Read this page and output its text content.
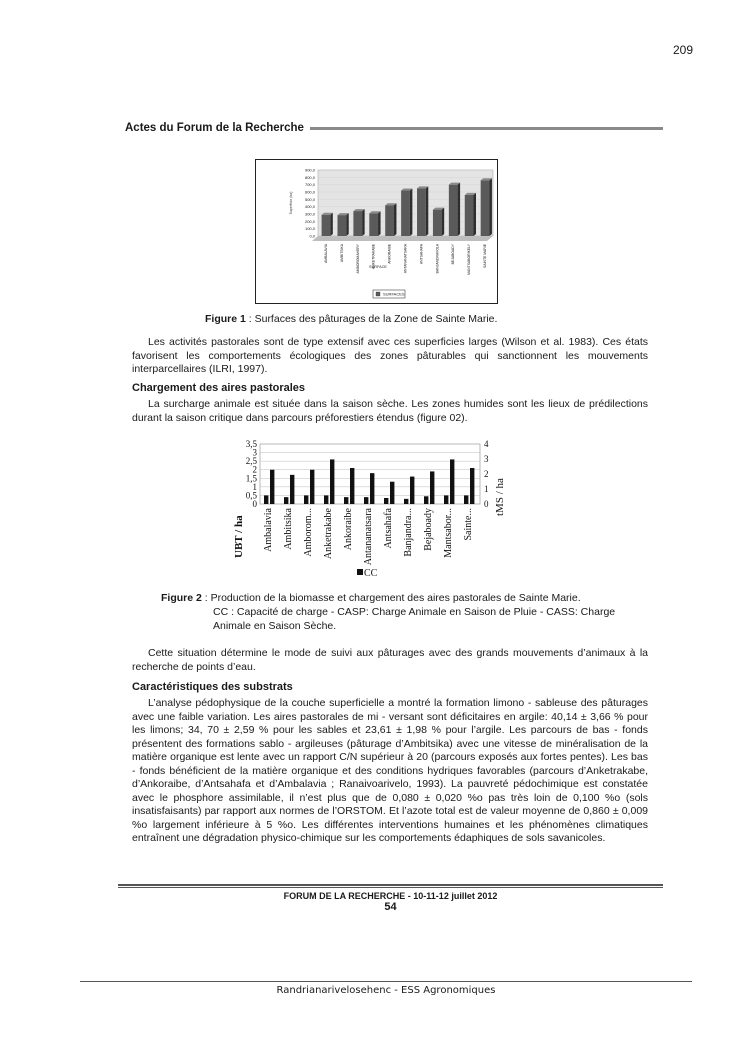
209
Actes du Forum de la Recherche
900,0
800,0
700,0
600,0
500,0
400,0
300,0
200,0
100,0
0,0
Superficie (ha)
AMBALAVIA	AMBITSIKA	AMBOROMAHERY	ANKETRAKABE	ANKORAIBE	ANTANANATSARA	ANTSAHAFA	BANJANDRAVOLA	BEJABOADY	MANTSABORIKELY	SAINTE MARIE
SURFACE
SURFACES
Figure 1 : Surfaces des pâturages de la Zone de Sainte Marie.

Les activités pastorales sont de type extensif avec ces superficies larges (Wilson et al. 1983). Ces états favorisent les comportements écologiques des zones pâturables qui sanctionnent les mouvements interparcellaires (ILRI, 1997).

Chargement des aires pastorales

La surcharge animale est située dans la saison sèche. Les zones humides sont les lieux de prédilections durant la saison critique dans parcours préforestiers étendus (figure 02).

3,5
3
2,5
2
1,5
1
0,5
0
4
3
2
1
0
Ambalavia Ambitsika Amborom... Anketrakabe Ankoraibe Antananatsara Antsahafa Banjandra... Bejaboady Mantsabor... Sainte...
UBT / ha
tMS / ha
CC
Figure 2 : Production de la biomasse et chargement des aires pastorales de Sainte Marie.
CC : Capacité de charge - CASP: Charge Animale en Saison de Pluie - CASS: Charge Animale en Saison Sèche.

Cette situation détermine le mode de suivi aux pâturages avec des grands mouvements d’animaux à la recherche de points d’eau.

Caractéristiques des substrats

L’analyse pédophysique de la couche superficielle a montré la formation limono - sableuse des pâturages avec une faible variation. Les aires pastorales de mi - versant sont déficitaires en argile: 40,14 ± 3,66 % pour les limons; 34, 70 ± 2,59 % pour les sables et 23,61 ± 1,98 % pour l’argile. Les parcours de bas - fonds présentent des formations sablo - argileuses (pâturage d’Ambitsika) avec une vitesse de minéralisation de la matière organique est lente avec un rapport C/N supérieur à 20 (parcours exposés aux fortes pentes). Les bas - fonds bénéficient de la matière organique et des conditions hydriques favorables (parcours d’Anketrakabe, d’Ankoraibe, d’Antsahafa et d’Ambalavia ; Ranaivoarivelo, 1993). La pauvreté pédochimique est constatée avec le phosphore assimilable, il n’est plus que de 0,080 ± 0,020 %o pas très loin de 0,100 %o (sols insatisfaisants) par rapport aux normes de l’ORSTOM. Et l’azote total est de valeur moyenne de 0,860 ± 0,009 %o largement inférieure à 5 %o. Les différentes interventions humaines et les phénomènes climatiques entraînent une dégradation physico-chimique sur les comportements édaphiques de sols savanicoles.

FORUM DE LA RECHERCHE - 10-11-12 juillet 2012
54
Randrianarivelosehenc - ESS Agronomiques
